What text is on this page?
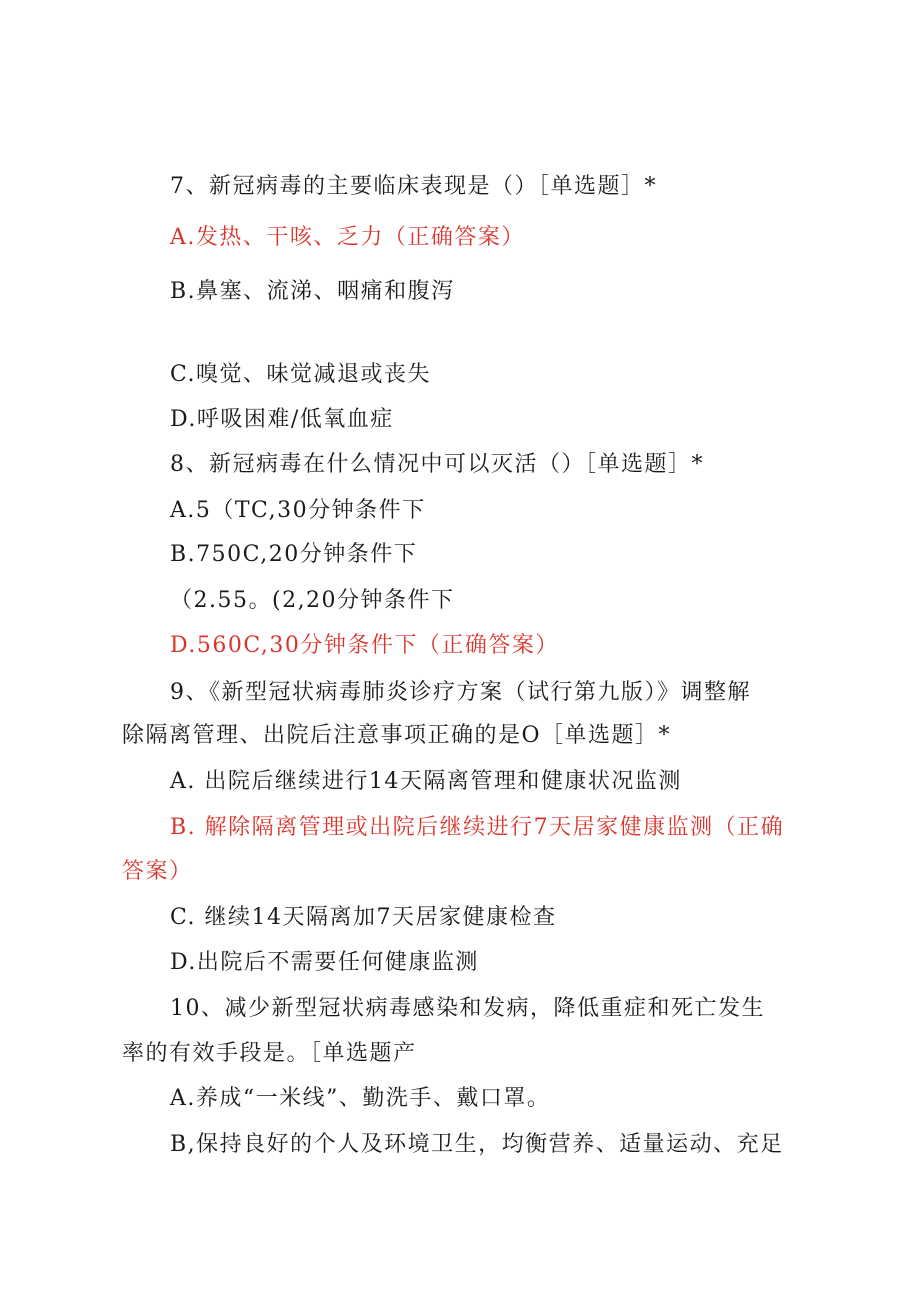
7、新冠病毒的主要临床表现是（）［单选题］*
A.发热、干咳、乏力（正确答案）
B.鼻塞、流涕、咽痛和腹泻
C.嗅觉、味觉减退或丧失
D.呼吸困难/低氧血症
8、新冠病毒在什么情况中可以灭活（）［单选题］*
A.5（TC,30分钟条件下
B.750C,20分钟条件下
（2.55。(2,20分钟条件下
D.560C,30分钟条件下（正确答案）
9、《新型冠状病毒肺炎诊疗方案（试行第九版）》调整解
除隔离管理、出院后注意事项正确的是O［单选题］*
A. 出院后继续进行14天隔离管理和健康状况监测
B. 解除隔离管理或出院后继续进行7天居家健康监测（正确
答案）
C. 继续14天隔离加7天居家健康检查
D.出院后不需要任何健康监测
10、减少新型冠状病毒感染和发病，降低重症和死亡发生
率的有效手段是。［单选题产
A.养成“一米线”、勤洗手、戴口罩。
B,保持良好的个人及环境卫生，均衡营养、适量运动、充足
